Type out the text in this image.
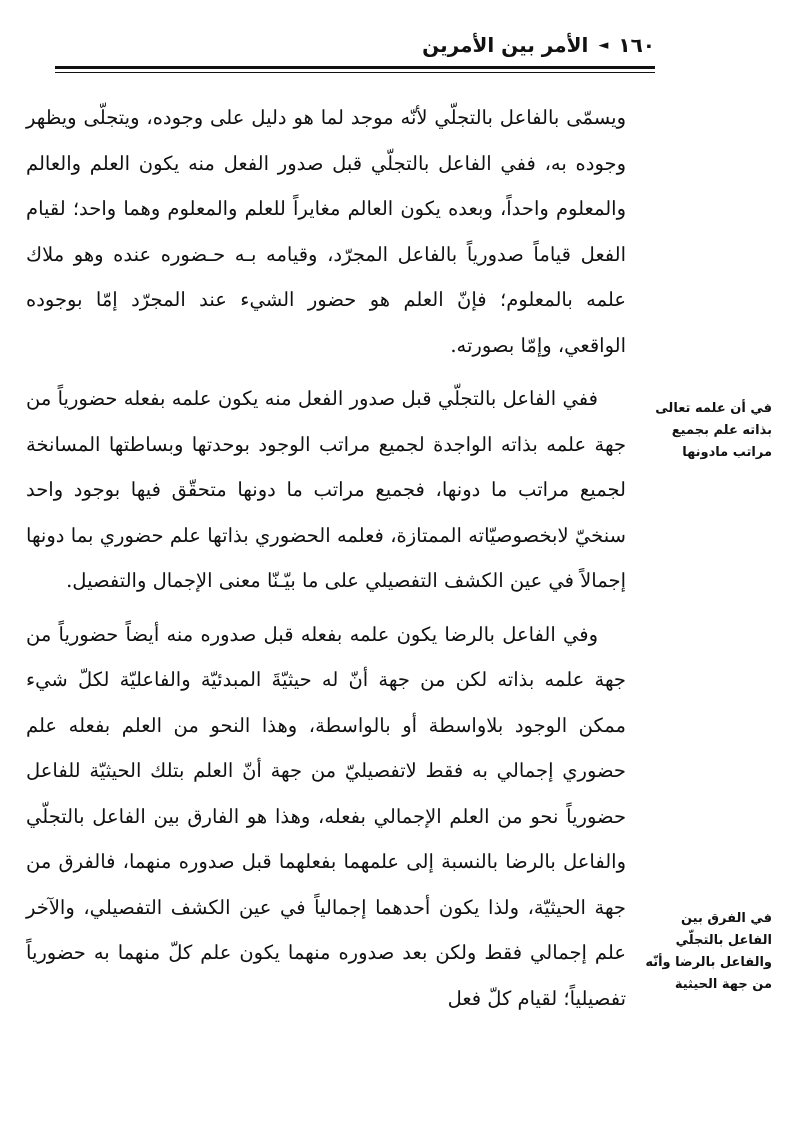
١٦٠
◄
الأمر بين الأمرين

ويسمّى بالفاعل بالتجلّي لأنّه موجد لما هو دليل على وجوده، ويتجلّى ويظهر وجوده به، ففي الفاعل بالتجلّي قبل صدور الفعل منه يكون العلم والعالم والمعلوم واحداً، وبعده يكون العالم مغايراً للعلم والمعلوم وهما واحد؛ لقيام الفعل قياماً صدورياً بالفاعل المجرّد، وقيامه بـه حـضوره عنده وهو ملاك علمه بالمعلوم؛ فإنّ العلم هو حضور الشيء عند المجرّد إمّا بوجوده الواقعي، وإمّا بصورته.

ففي الفاعل بالتجلّي قبل صدور الفعل منه يكون علمه بفعله حضورياً من جهة علمه بذاته الواجدة لجميع مراتب الوجود بوحدتها وبساطتها المسانخة لجميع مراتب ما دونها، فجميع مراتب ما دونها متحقّق فيها بوجود واحد سنخيّ لابخصوصيّاته الممتازة، فعلمه الحضوري بذاتها علم حضوري بما دونها إجمالاً في عين الكشف التفصيلي على ما بيّـنّا معنى الإجمال والتفصيل.

وفي الفاعل بالرضا يكون علمه بفعله قبل صدوره منه أيضاً حضورياً من جهة علمه بذاته لكن من جهة أنّ له حيثيّةَ المبدئيّة والفاعليّة لكلّ شيء ممكن الوجود بلاواسطة أو بالواسطة، وهذا النحو من العلم بفعله علم حضوري إجمالي به فقط لاتفصيليّ من جهة أنّ العلم بتلك الحيثيّة للفاعل حضورياً نحو من العلم الإجمالي بفعله، وهذا هو الفارق بين الفاعل بالتجلّي والفاعل بالرضا بالنسبة إلى علمهما بفعلهما قبل صدوره منهما، فالفرق من جهة الحيثيّة، ولذا يكون أحدهما إجمالياً في عين الكشف التفصيلي، والآخر علم إجمالي فقط ولكن بعد صدوره منهما يكون علم كلّ منهما به حضورياً تفصيلياً؛ لقيام كلّ فعل

في أن علمه تعالى
بذاته علم بجميع
مراتب مادونها
في الفرق بين
الفاعل بالتجلّي
والفاعل بالرضا وأنّه
من جهة الحيثية
